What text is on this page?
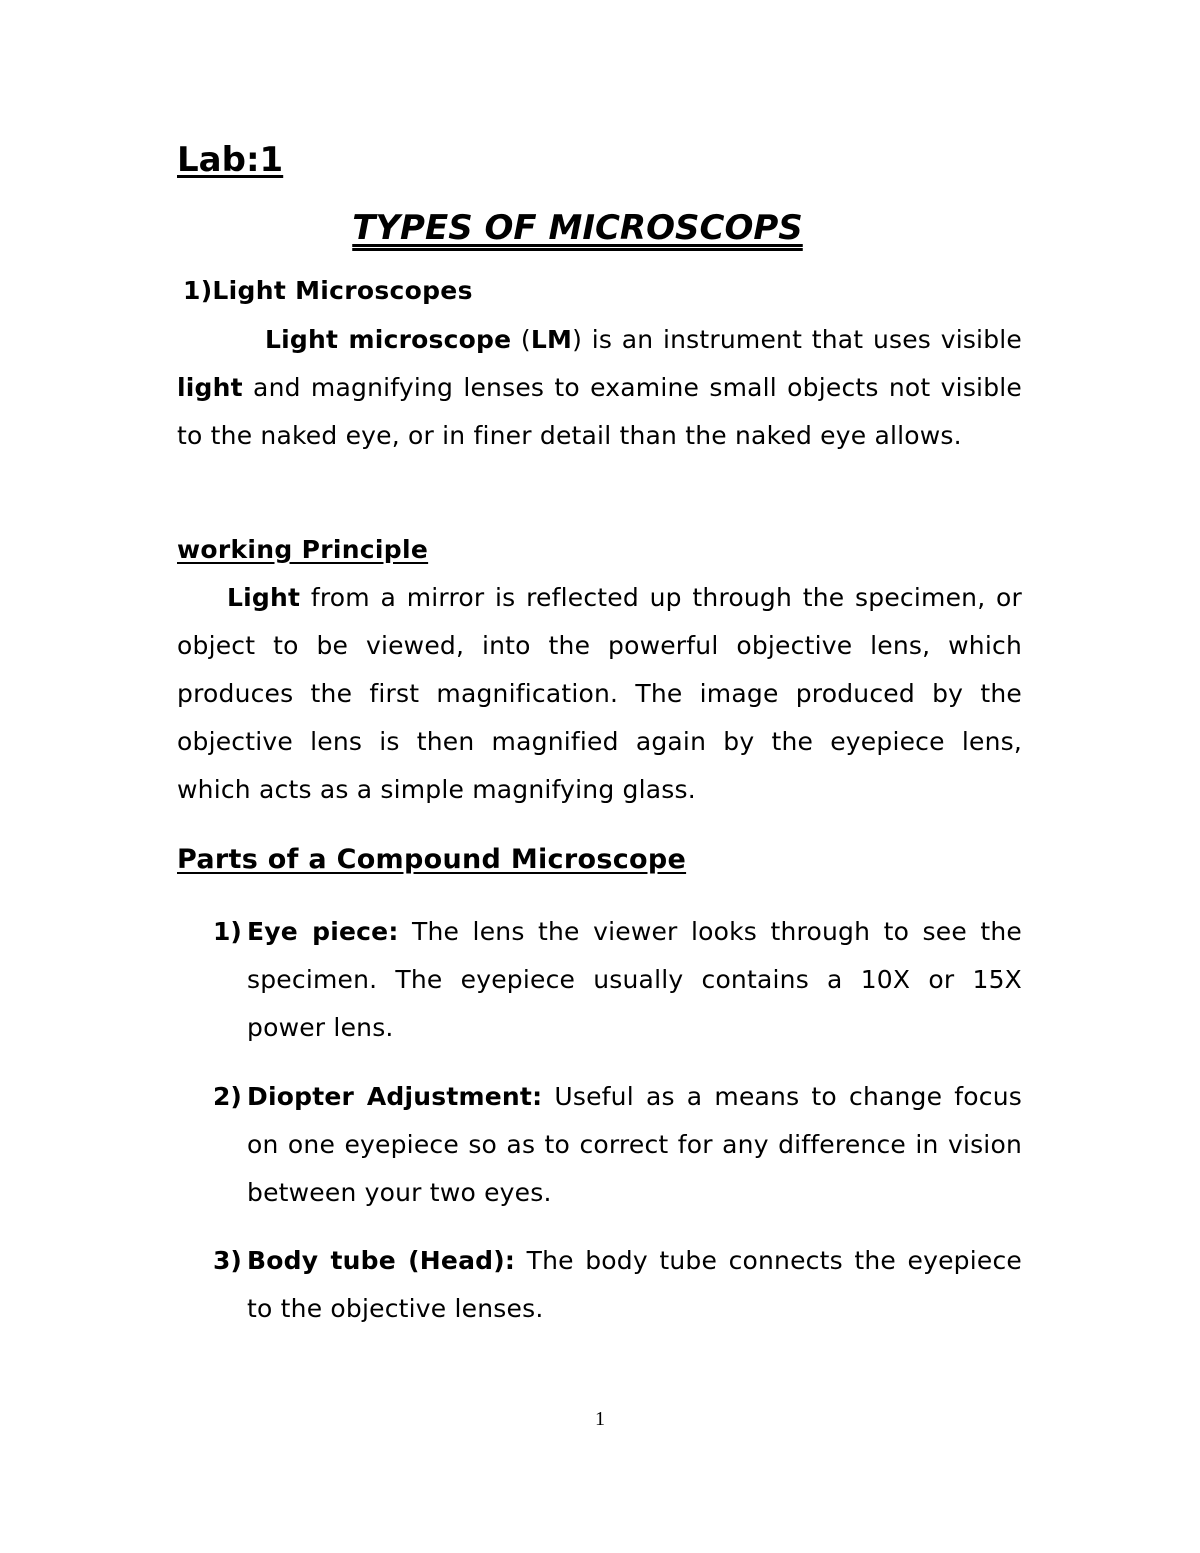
Lab:1
TYPES OF MICROSCOPS
1)Light Microscopes

Light microscope (LM) is an instrument that uses visible light and magnifying lenses to examine small objects not visible to the naked eye, or in finer detail than the naked eye allows.

working Principle

Light from a mirror is reflected up through the specimen, or object to be viewed, into the powerful objective lens, which produces the first magnification. The image produced by the objective lens is then magnified again by the eyepiece lens, which acts as a simple magnifying glass.

Parts of a Compound Microscope
1) Eye piece: The lens the viewer looks through to see the specimen. The eyepiece usually contains a 10X or 15X power lens.
2) Diopter Adjustment: Useful as a means to change focus on one eyepiece so as to correct for any difference in vision between your two eyes.
3) Body tube (Head): The body tube connects the eyepiece to the objective lenses.
1
